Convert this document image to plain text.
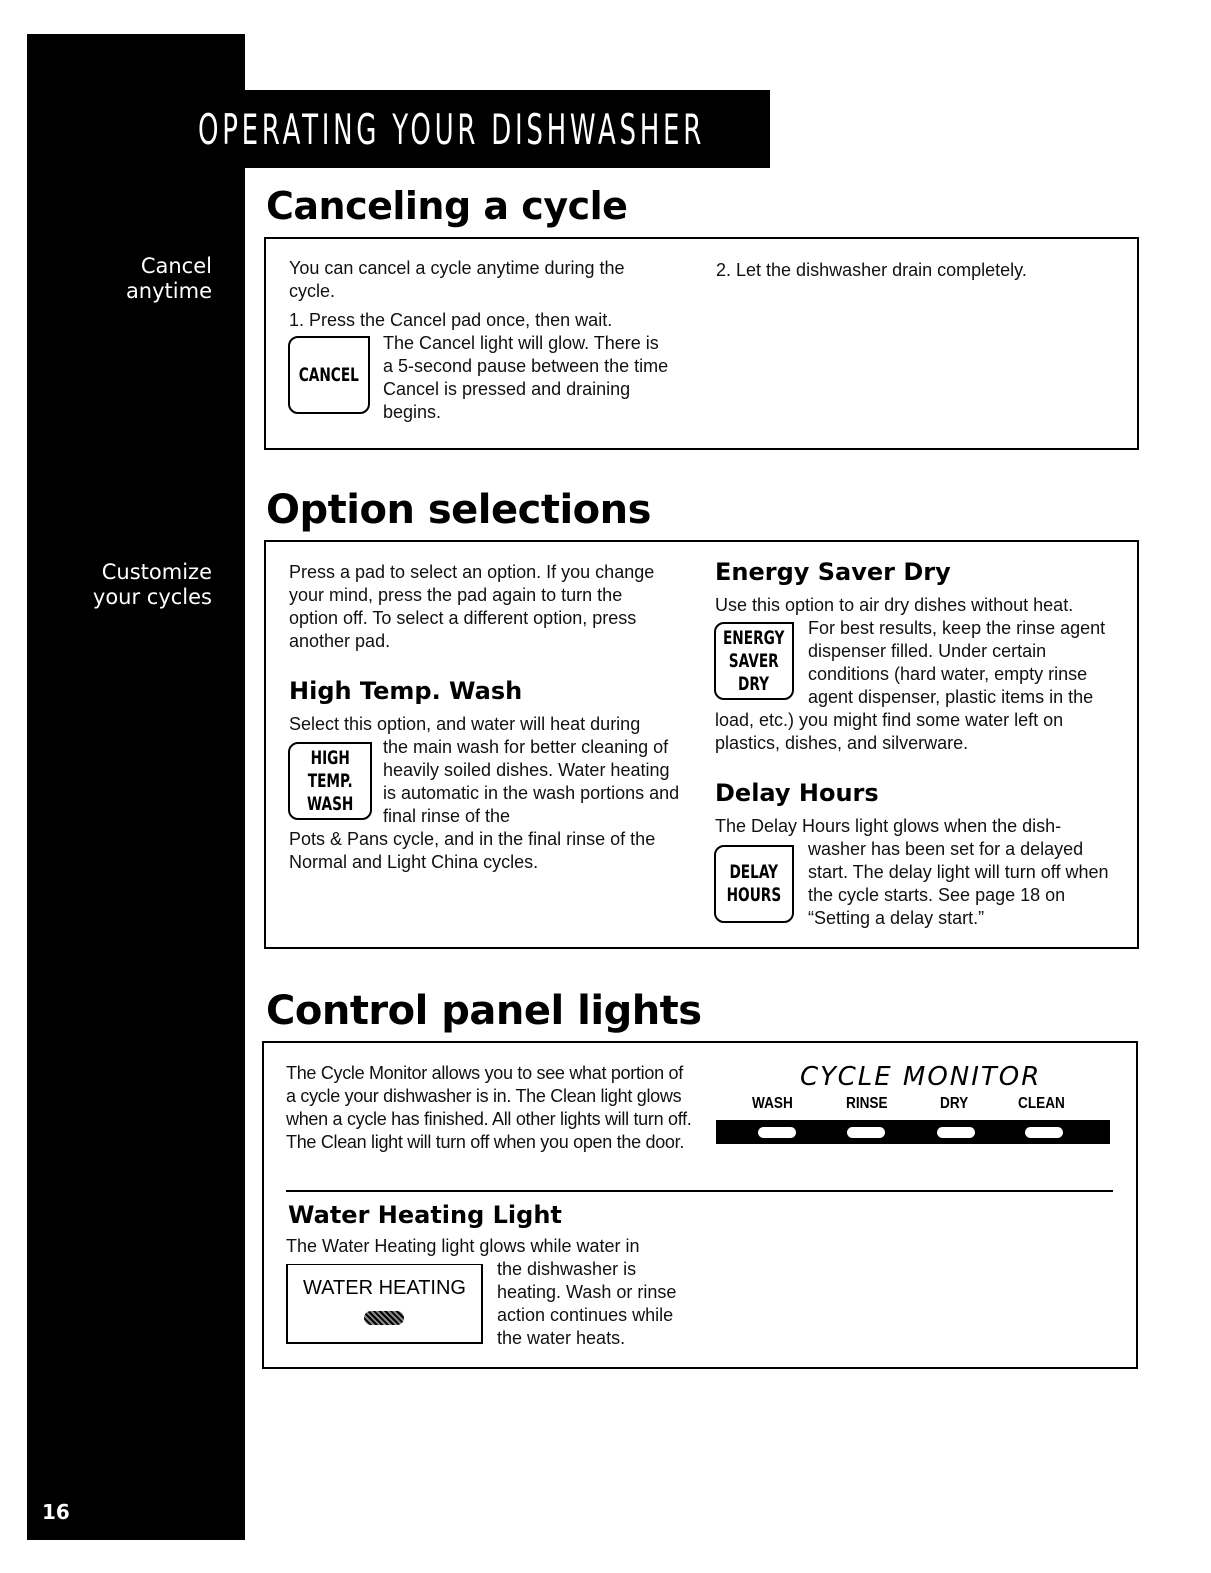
OPERATING YOUR DISHWASHER
Cancel
anytime
Customize
your cycles
16
Canceling a cycle

You can cancel a cycle anytime during the cycle.

1. Press the Cancel pad once, then wait.

CANCEL

The Cancel light will glow. There is a 5-second pause between the time Cancel is pressed and draining begins.

2. Let the dishwasher drain completely.

Option selections

Press a pad to select an option. If you change your mind, press the pad again to turn the option off. To select a different option, press another pad.

High Temp. Wash

Select this option, and water will heat during

HIGH
TEMP.
WASH

the main wash for better cleaning of heavily soiled dishes. Water heating is automatic in the wash portions and final rinse of the

Pots & Pans cycle, and in the final rinse of the Normal and Light China cycles.

Energy Saver Dry

Use this option to air dry dishes without heat.

ENERGY
SAVER
DRY

For best results, keep the rinse agent dispenser filled. Under certain conditions (hard water, empty rinse agent dispenser, plastic items in the

load, etc.) you might find some water left on plastics, dishes, and silverware.

Delay Hours

The Delay Hours light glows when the dish-

DELAY
HOURS

washer has been set for a delayed start. The delay light will turn off when the cycle starts. See page 18 on “Setting a delay start.”

Control panel lights

The Cycle Monitor allows you to see what portion of a cycle your dishwasher is in. The Clean light glows when a cycle has finished. All other lights will turn off. The Clean light will turn off when you open the door.

CYCLE MONITOR
WASH	RINSE	DRY	CLEAN
Water Heating Light

The Water Heating light glows while water in

WATER HEATING

the dishwasher is heating. Wash or rinse action continues while the water heats.
